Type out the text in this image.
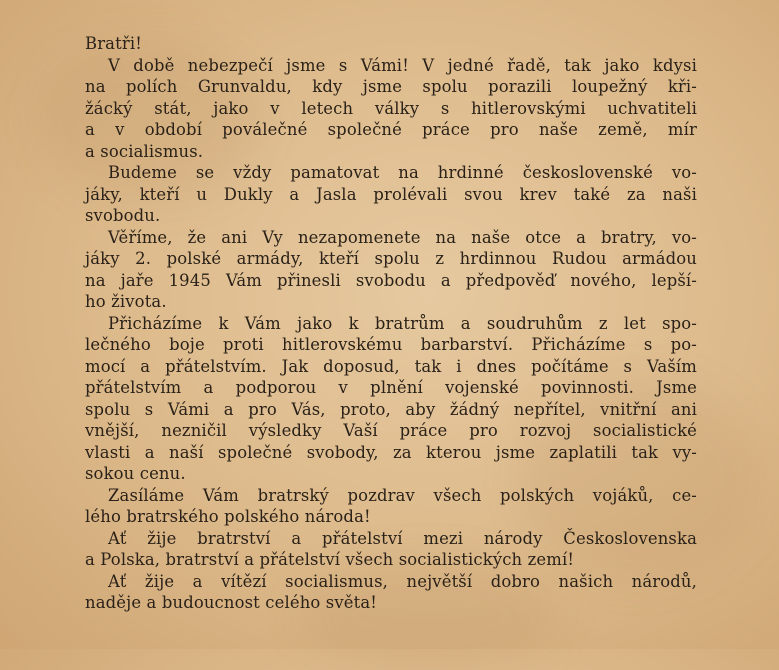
Bratři!

V době nebezpečí jsme s Vámi! V jedné řadě, tak jako kdysi
na polích Grunvaldu, kdy jsme spolu porazili loupežný kři-
žácký stát, jako v letech války s hitlerovskými uchvatiteli
a v období poválečné společné práce pro naše země, mír
a socialismus.
Budeme se vždy pamatovat na hrdinné československé vo-
jáky, kteří u Dukly a Jasla prolévali svou krev také za naši
svobodu.
Věříme, že ani Vy nezapomenete na naše otce a bratry, vo-
jáky 2. polské armády, kteří spolu z hrdinnou Rudou armádou
na jaře 1945 Vám přinesli svobodu a předpověď nového, lepší-
ho života.
Přicházíme k Vám jako k bratrům a soudruhům z let spo-
lečného boje proti hitlerovskému barbarství. Přicházíme s po-
mocí a přátelstvím. Jak doposud, tak i dnes počítáme s Vaším
přátelstvím a podporou v plnění vojenské povinnosti. Jsme
spolu s Vámi a pro Vás, proto, aby žádný nepřítel, vnitřní ani
vnější, nezničil výsledky Vaší práce pro rozvoj socialistické
vlasti a naší společné svobody, za kterou jsme zaplatili tak vy-
sokou cenu.
Zasíláme Vám bratrský pozdrav všech polských vojáků, ce-
lého bratrského polského národa!
Ať žije bratrství a přátelství mezi národy Československa
a Polska, bratrství a přátelství všech socialistických zemí!
Ať žije a vítězí socialismus, největší dobro našich národů,
naděje a budoucnost celého světa!
